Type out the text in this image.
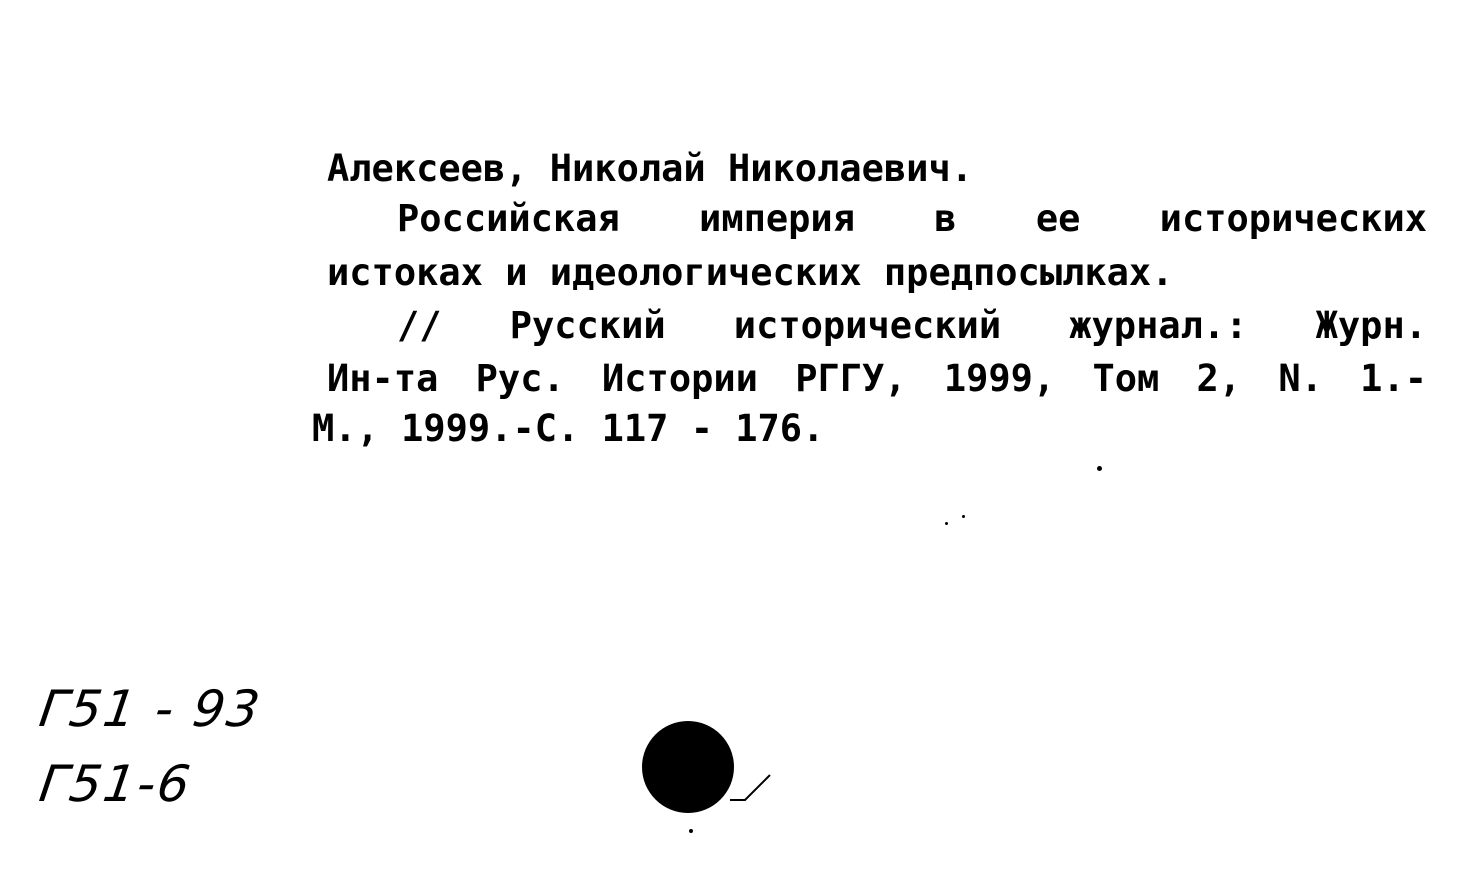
Алексеев, Николай Николаевич.
Российская империя в ее исторических
истоках и идеологических предпосылках.
// Русский исторический журнал.: Журн.
Ин-та Рус. Истории РГГУ, 1999, Том 2, N. 1.-
М., 1999.-С. 117 - 176.
Г51 - 93
Г51-6
